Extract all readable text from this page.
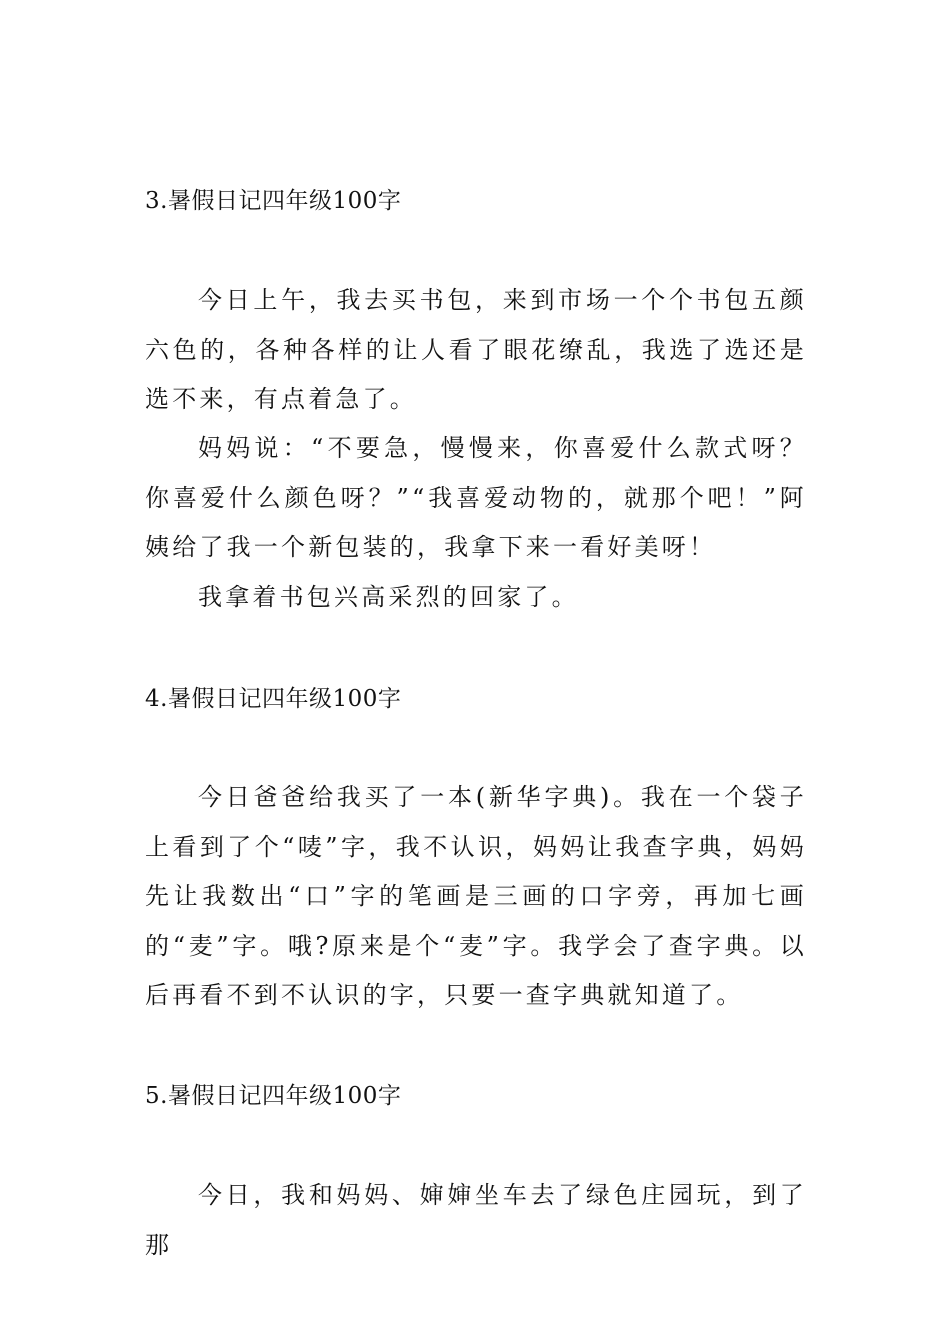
3.暑假日记四年级100字
今日上午，我去买书包，来到市场一个个书包五颜六色的，各种各样的让人看了眼花缭乱，我选了选还是选不来，有点着急了。
妈妈说：“不要急，慢慢来，你喜爱什么款式呀？你喜爱什么颜色呀？”“我喜爱动物的，就那个吧！”阿姨给了我一个新包装的，我拿下来一看好美呀！
我拿着书包兴高采烈的回家了。
4.暑假日记四年级100字
今日爸爸给我买了一本(新华字典)。我在一个袋子上看到了个“唛”字，我不认识，妈妈让我查字典，妈妈先让我数出“口”字的笔画是三画的口字旁，再加七画的“麦”字。哦?原来是个“麦”字。我学会了查字典。以后再看不到不认识的字，只要一查字典就知道了。
5.暑假日记四年级100字
今日，我和妈妈、婶婶坐车去了绿色庄园玩，到了那
